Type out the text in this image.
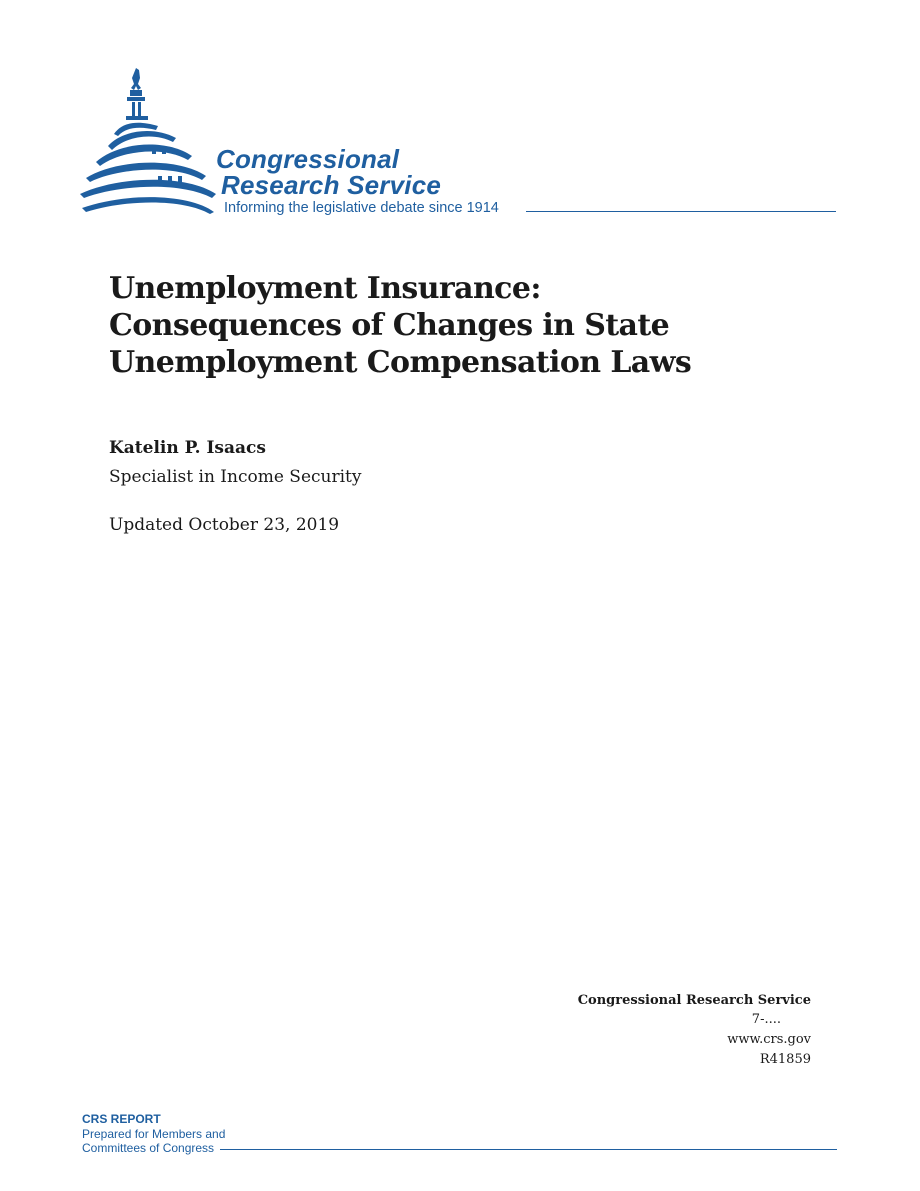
Congressional
Research Service
Informing the legislative debate since 1914
Unemployment Insurance:
Consequences of Changes in State
Unemployment Compensation Laws
Katelin P. Isaacs
Specialist in Income Security
Updated October 23, 2019
Congressional Research Service
7-....
www.crs.gov
R41859
CRS REPORT
Prepared for Members and
Committees of Congress
